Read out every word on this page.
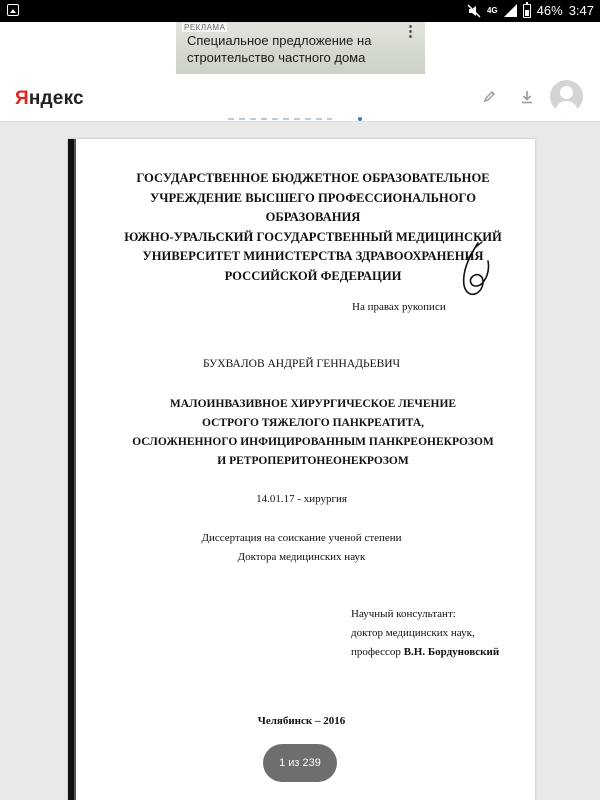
4G	46% 3:47
РЕКЛАМА
Специальное предложение на строительство частного дома
⋮
Яндекс
ГОСУДАРСТВЕННОЕ БЮДЖЕТНОЕ ОБРАЗОВАТЕЛЬНОЕ
УЧРЕЖДЕНИЕ ВЫСШЕГО ПРОФЕССИОНАЛЬНОГО ОБРАЗОВАНИЯ
ЮЖНО-УРАЛЬСКИЙ ГОСУДАРСТВЕННЫЙ МЕДИЦИНСКИЙ
УНИВЕРСИТЕТ МИНИСТЕРСТВА ЗДРАВООХРАНЕНИЯ
РОССИЙСКОЙ ФЕДЕРАЦИИ
На правах рукописи
БУХВАЛОВ АНДРЕЙ ГЕННАДЬЕВИЧ
МАЛОИНВАЗИВНОЕ ХИРУРГИЧЕСКОЕ ЛЕЧЕНИЕ
ОСТРОГО ТЯЖЕЛОГО ПАНКРЕАТИТА,
ОСЛОЖНЕННОГО ИНФИЦИРОВАННЫМ ПАНКРЕОНЕКРОЗОМ
И РЕТРОПЕРИТОНЕОНЕКРОЗОМ
14.01.17 - хирургия
Диссертация на соискание ученой степени
Доктора медицинских наук
Научный консультант:
доктор медицинских наук,
профессор В.Н. Бордуновский
Челябинск – 2016
1 из 239
